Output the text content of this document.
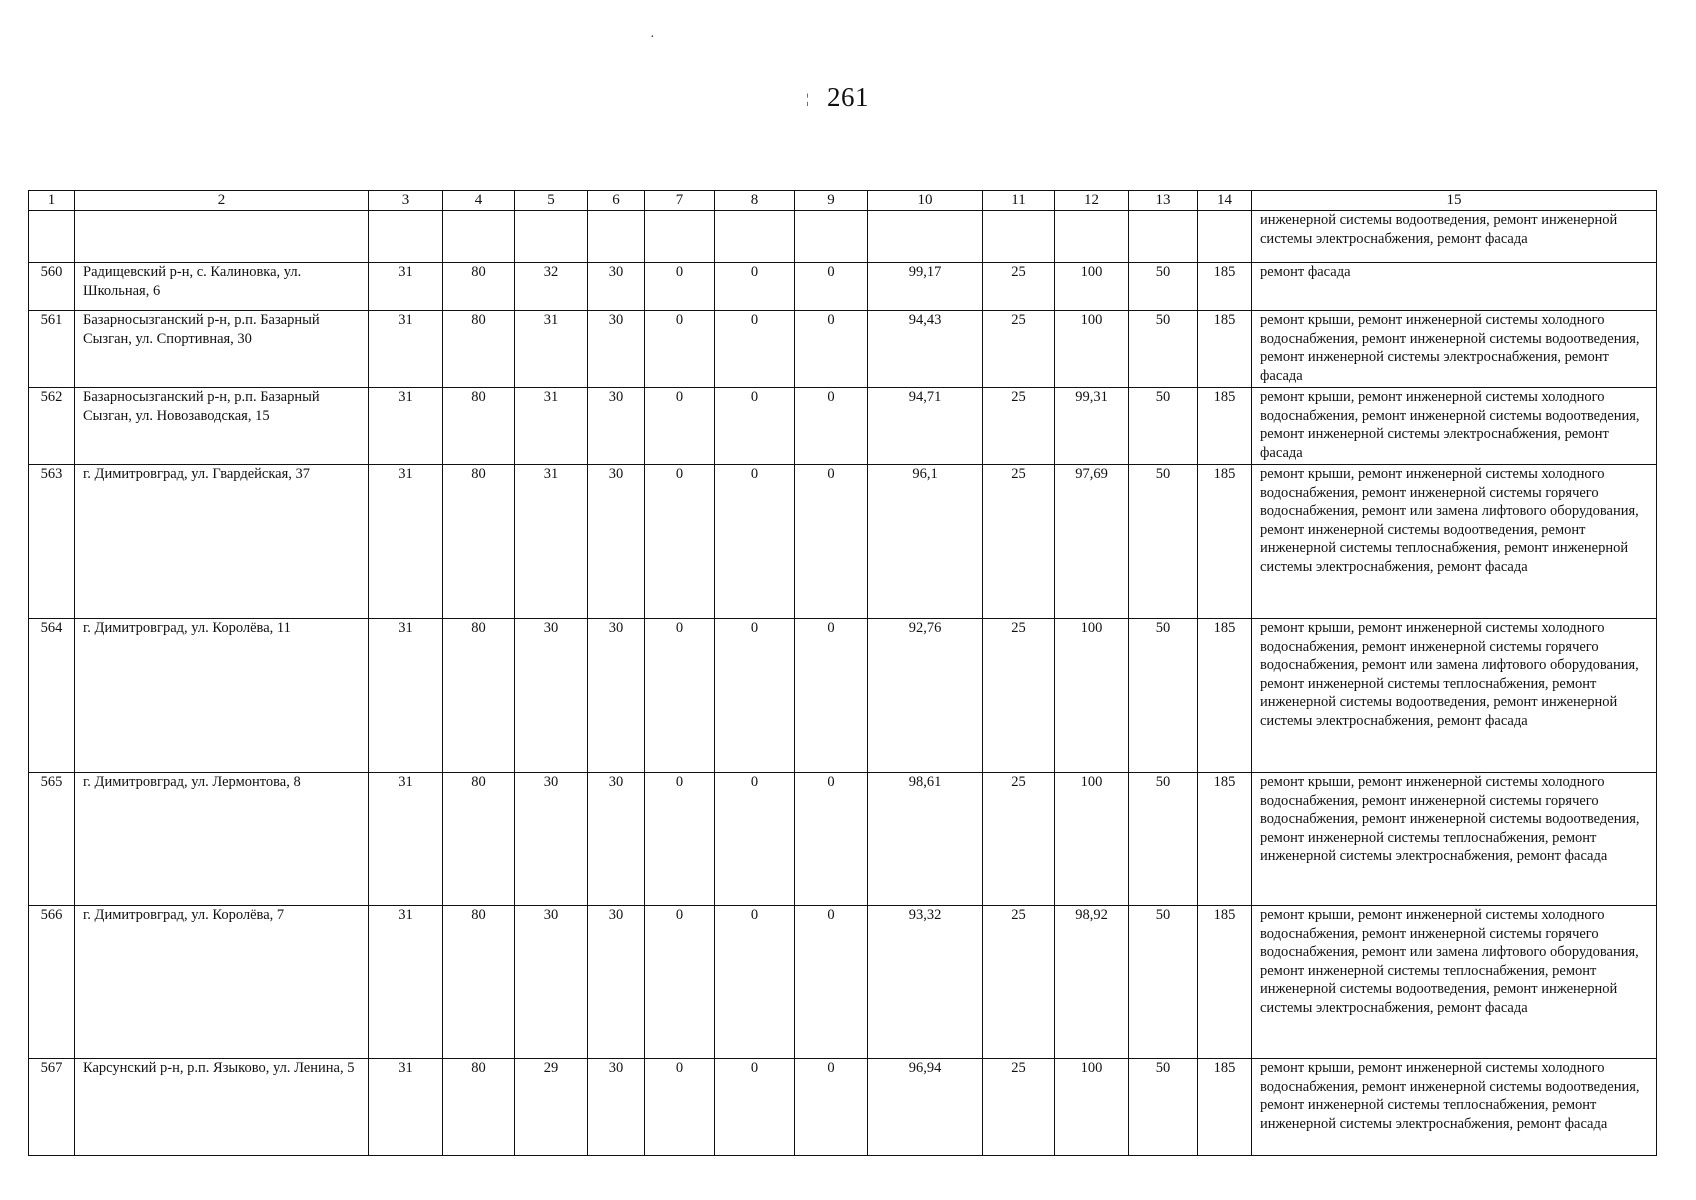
261
·
¦
1	2	3	4	5	6	7	8	9	10	11	12	13	14	15
														инженерной системы водоотведения, ремонт инженерной системы электроснабжения, ремонт фасада
560	Радищевский р-н, с. Калиновка, ул. Школьная, 6	31	80	32	30	0	0	0	99,17	25	100	50	185	ремонт фасада
561	Базарносызганский р-н, р.п. Базарный Сызган, ул. Спортивная, 30	31	80	31	30	0	0	0	94,43	25	100	50	185	ремонт крыши, ремонт инженерной системы холодного водоснабжения, ремонт инженерной системы водоотведения, ремонт инженерной системы электроснабжения, ремонт фасада
562	Базарносызганский р-н, р.п. Базарный Сызган, ул. Новозаводская, 15	31	80	31	30	0	0	0	94,71	25	99,31	50	185	ремонт крыши, ремонт инженерной системы холодного водоснабжения, ремонт инженерной системы водоотведения, ремонт инженерной системы электроснабжения, ремонт фасада
563	г. Димитровград, ул. Гвардейская, 37	31	80	31	30	0	0	0	96,1	25	97,69	50	185	ремонт крыши, ремонт инженерной системы холодного водоснабжения, ремонт инженерной системы горячего водоснабжения, ремонт или замена лифтового оборудования, ремонт инженерной системы водоотведения, ремонт инженерной системы теплоснабжения, ремонт инженерной системы электроснабжения, ремонт фасада
564	г. Димитровград, ул. Королёва, 11	31	80	30	30	0	0	0	92,76	25	100	50	185	ремонт крыши, ремонт инженерной системы холодного водоснабжения, ремонт инженерной системы горячего водоснабжения, ремонт или замена лифтового оборудования, ремонт инженерной системы теплоснабжения, ремонт инженерной системы водоотведения, ремонт инженерной системы электроснабжения, ремонт фасада
565	г. Димитровград, ул. Лермонтова, 8	31	80	30	30	0	0	0	98,61	25	100	50	185	ремонт крыши, ремонт инженерной системы холодного водоснабжения, ремонт инженерной системы горячего водоснабжения, ремонт инженерной системы водоотведения, ремонт инженерной системы теплоснабжения, ремонт инженерной системы электроснабжения, ремонт фасада
566	г. Димитровград, ул. Королёва, 7	31	80	30	30	0	0	0	93,32	25	98,92	50	185	ремонт крыши, ремонт инженерной системы холодного водоснабжения, ремонт инженерной системы горячего водоснабжения, ремонт или замена лифтового оборудования, ремонт инженерной системы теплоснабжения, ремонт инженерной системы водоотведения, ремонт инженерной системы электроснабжения, ремонт фасада
567	Карсунский р-н, р.п. Языково, ул. Ленина, 5	31	80	29	30	0	0	0	96,94	25	100	50	185	ремонт крыши, ремонт инженерной системы холодного водоснабжения, ремонт инженерной системы водоотведения, ремонт инженерной системы теплоснабжения, ремонт инженерной системы электроснабжения, ремонт фасада
